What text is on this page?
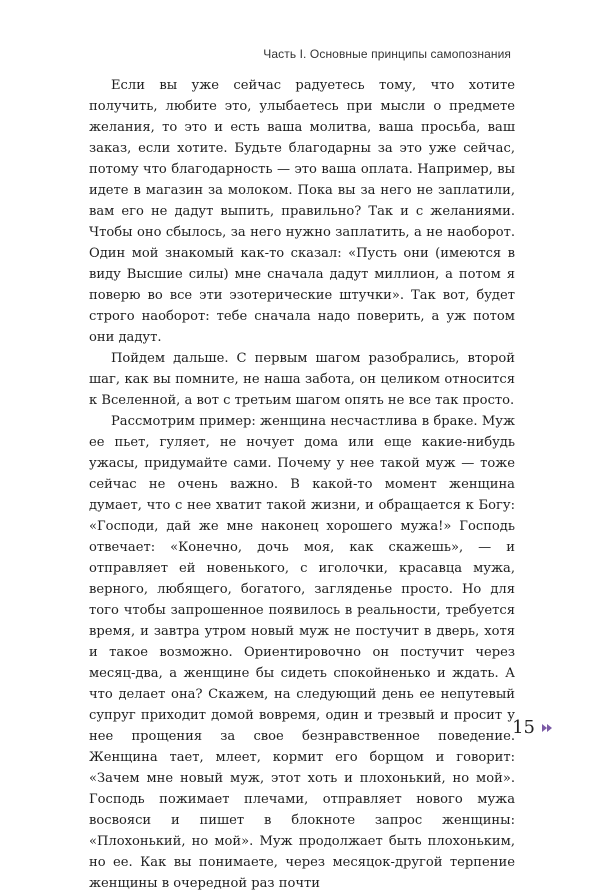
Часть I. Основные принципы самопознания

Если вы уже сейчас радуетесь тому, что хотите получить, любите это, улыбаетесь при мысли о предмете желания, то это и есть ваша молитва, ваша просьба, ваш заказ, если хотите. Будьте благодарны за это уже сейчас, потому что благодарность — это ваша оплата. Например, вы идете в магазин за молоком. Пока вы за него не заплатили, вам его не дадут выпить, правильно? Так и с желаниями. Чтобы оно сбылось, за него нужно заплатить, а не наоборот. Один мой знакомый как-то сказал: «Пусть они (имеются в виду Высшие силы) мне сначала дадут миллион, а потом я поверю во все эти эзотерические штучки». Так вот, будет строго наоборот: тебе сначала надо поверить, а уж потом они дадут.

Пойдем дальше. С первым шагом разобрались, второй шаг, как вы помните, не наша забота, он целиком относится к Вселенной, а вот с третьим шагом опять не все так просто.

Рассмотрим пример: женщина несчастлива в браке. Муж ее пьет, гуляет, не ночует дома или еще какие-нибудь ужасы, придумайте сами. Почему у нее такой муж — тоже сейчас не очень важно. В какой-то момент женщина думает, что с нее хватит такой жизни, и обращается к Богу: «Господи, дай же мне наконец хорошего мужа!» Господь отвечает: «Конечно, дочь моя, как скажешь», — и отправляет ей новенького, с иголочки, красавца мужа, верного, любящего, богатого, загляденье просто. Но для того чтобы запрошенное появилось в реальности, требуется время, и завтра утром новый муж не постучит в дверь, хотя и такое возможно. Ориентировочно он постучит через месяц-два, а женщине бы сидеть спокойненько и ждать. А что делает она? Скажем, на следующий день ее непутевый супруг приходит домой вовремя, один и трезвый и просит у нее прощения за свое безнравственное поведение. Женщина тает, млеет, кормит его борщом и говорит: «Зачем мне новый муж, этот хоть и плохонький, но мой». Господь пожимает плечами, отправляет нового мужа восвояси и пишет в блокноте запрос женщины: «Плохонький, но мой». Муж продолжает быть плохоньким, но ее. Как вы понимаете, через месяцок-другой терпение женщины в очередной раз почти

15
